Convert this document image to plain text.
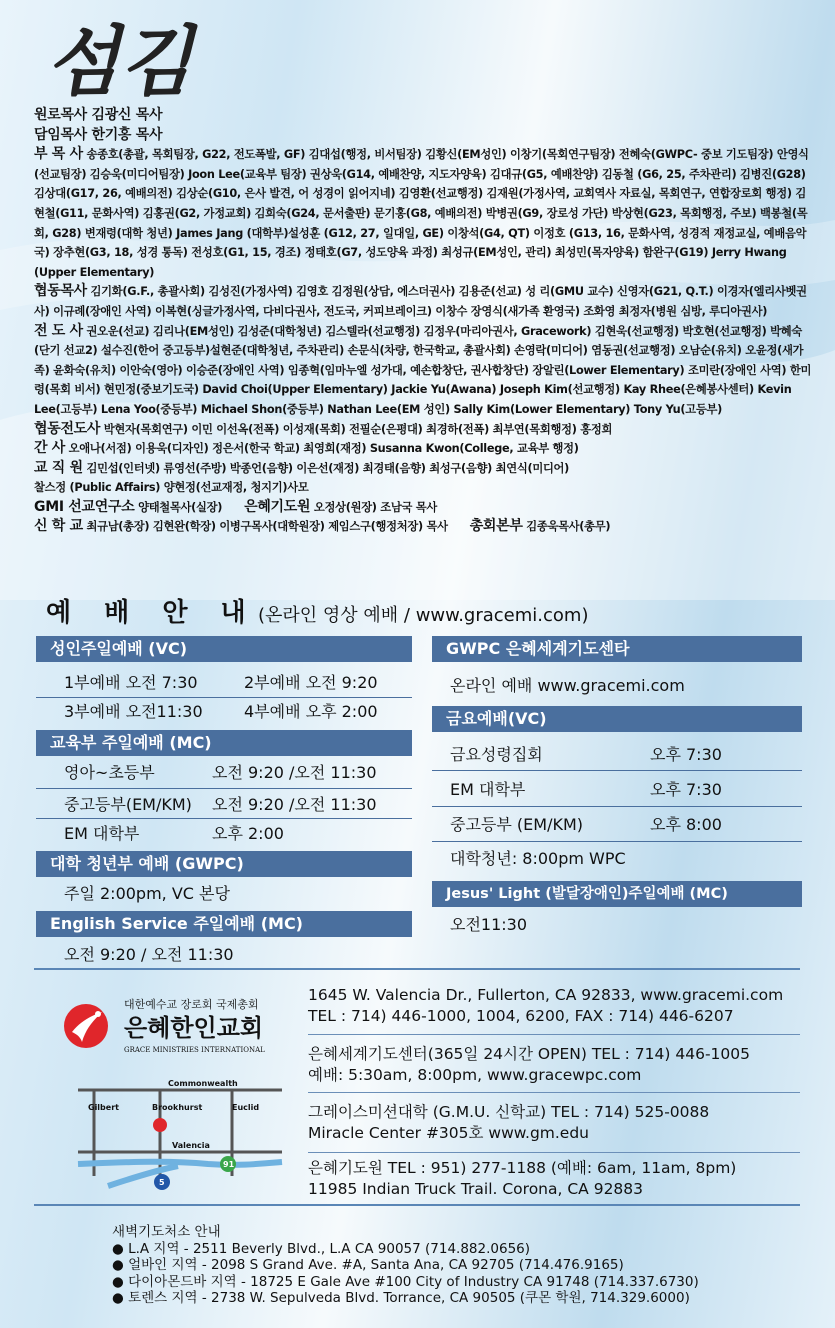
섬김

원로목사 김광신 목사

담임목사 한기홍 목사

부 목 사 송종호(총괄, 목회팀장, G22, 전도폭발, GF) 김대섭(행정, 비서팀장) 김황신(EM성인) 이창기(목회연구팀장) 전혜숙(GWPC- 중보 기도팀장) 안영식(선교팀장) 김승욱(미디어팀장) Joon Lee(교육부 팀장) 권상욱(G14, 예배찬양, 지도자양육) 김대규(G5, 예배찬양) 김동철 (G6, 25, 주차관리) 김병진(G28) 김상대(G17, 26, 예배의전) 김상순(G10, 은사 발견, 어 성경이 읽어지네) 김영환(선교행정) 김재원(가정사역, 교회역사 자료실, 목회연구, 연합장로회 행정) 김현철(G11, 문화사역) 김홍권(G2, 가정교회) 김희숙(G24, 문서출판) 문기홍(G8, 예배의전) 박병권(G9, 장로성 가단) 박상현(G23, 목회행정, 주보) 백봉철(목회, G28) 변재령(대학 청년) James Jang (대학부)설성훈 (G12, 27, 일대일, GE) 이창석(G4, QT) 이정호 (G13, 16, 문화사역, 성경적 재정교실, 예배음악국) 장추현(G3, 18, 성경 통독) 전성호(G1, 15, 경조) 정태호(G7, 성도양육 과정) 최성규(EM성인, 관리) 최성민(목자양육) 함완구(G19) Jerry Hwang (Upper Elementary)

협동목사 김기화(G.F., 총괄사회) 김성진(가정사역) 김영호 김정원(상담, 에스더권사) 김용준(선교) 성 리(GMU 교수) 신영자(G21, Q.T.) 이경자(엘리사벳권사) 이규례(장애인 사역) 이복현(싱글가정사역, 다비다권사, 전도국, 커피브레이크) 이창수 장영식(새가족 환영국) 조화영 최정자(병원 심방, 루디아권사)

전 도 사 권오운(선교) 김리나(EM성인) 김성준(대학청년) 김스텔라(선교행정) 김정우(마리아권사, Gracework) 김현욱(선교행정) 박호현(선교행정) 박혜숙(단기 선교2) 설수진(한어 중고등부)설현준(대학청년, 주차관리) 손문식(차량, 한국학교, 총괄사회) 손영락(미디어) 염동권(선교행정) 오남순(유치) 오윤정(새가족) 윤화숙(유치) 이안숙(영아) 이승준(장애인 사역) 임종혁(임마누엘 성가대, 예손합창단, 권사합창단) 장알린(Lower Elementary) 조미란(장애인 사역) 한미령(목회 비서) 현민정(중보기도국) David Choi(Upper Elementary) Jackie Yu(Awana) Joseph Kim(선교행정) Kay Rhee(은혜봉사센터) Kevin Lee(고등부) Lena Yoo(중등부) Michael Shon(중등부) Nathan Lee(EM 성인) Sally Kim(Lower Elementary) Tony Yu(고등부)

협동전도사 박현자(목회연구) 이민 이선옥(전폭) 이성재(목회) 전필순(은평대) 최경하(전폭) 최부연(목회행정) 홍정희

간 사 오애나(서점) 이용욱(디자인) 정은서(한국 학교) 최영희(재정) Susanna Kwon(College, 교육부 행정)

교 직 원 김민섭(인터넷) 류영선(주방) 박종언(음향) 이은선(재정) 최경태(음향) 최성구(음향) 최연식(미디어)

찰스정 (Public Affairs) 양현정(선교재정, 청지기)사모

GMI 선교연구소 양태철목사(실장) 은혜기도원 오정상(원장) 조남국 목사

신 학 교 최규남(총장) 김현완(학장) 이병구목사(대학원장) 제임스구(행정처장) 목사 총회본부 김종욱목사(총무)

예 배 안 내 (온라인 영상 예배 / www.gracemi.com)
성인주일예배 (VC)
1부예배 오전 7:30	2부예배 오전 9:20
3부예배 오전11:30	4부예배 오후 2:00
교육부 주일예배 (MC)
영아~초등부	오전 9:20 /오전 11:30
중고등부(EM/KM) 오전 9:20 /오전 11:30
EM 대학부	오후 2:00
대학 청년부 예배 (GWPC)
주일 2:00pm, VC 본당
English Service 주일예배 (MC)
오전 9:20 / 오전 11:30
GWPC 은혜세계기도센타
온라인 예배 www.gracemi.com
금요예배(VC)
금요성령집회	오후 7:30
EM 대학부	오후 7:30
중고등부 (EM/KM)	오후 8:00
대학청년: 8:00pm WPC
Jesus' Light (발달장애인)주일예배 (MC)
오전11:30
대한예수교 장로회 국제총회
은혜한인교회
GRACE MINISTRIES INTERNATIONAL

1645 W. Valencia Dr., Fullerton, CA 92833, www.gracemi.com

TEL : 714) 446-1000, 1004, 6200, FAX : 714) 446-6207

은혜세계기도센터(365일 24시간 OPEN) TEL : 714) 446-1005

예배: 5:30am, 8:00pm, www.gracewpc.com

그레이스미션대학 (G.M.U. 신학교) TEL : 714) 525-0088

Miracle Center #305호 www.gm.edu

은혜기도원 TEL : 951) 277-1188 (예배: 6am, 11am, 8pm)

11985 Indian Truck Trail. Corona, CA 92883

Commonwealth
Gilbert	Brookhurst	Euclid
Valencia
91
5

새벽기도처소 안내

● L.A 지역 - 2511 Beverly Blvd., L.A CA 90057 (714.882.0656)

● 얼바인 지역 - 2098 S Grand Ave. #A, Santa Ana, CA 92705 (714.476.9165)

● 다이아몬드바 지역 - 18725 E Gale Ave #100 City of Industry CA 91748 (714.337.6730)

● 토렌스 지역 - 2738 W. Sepulveda Blvd. Torrance, CA 90505 (쿠몬 학원, 714.329.6000)
